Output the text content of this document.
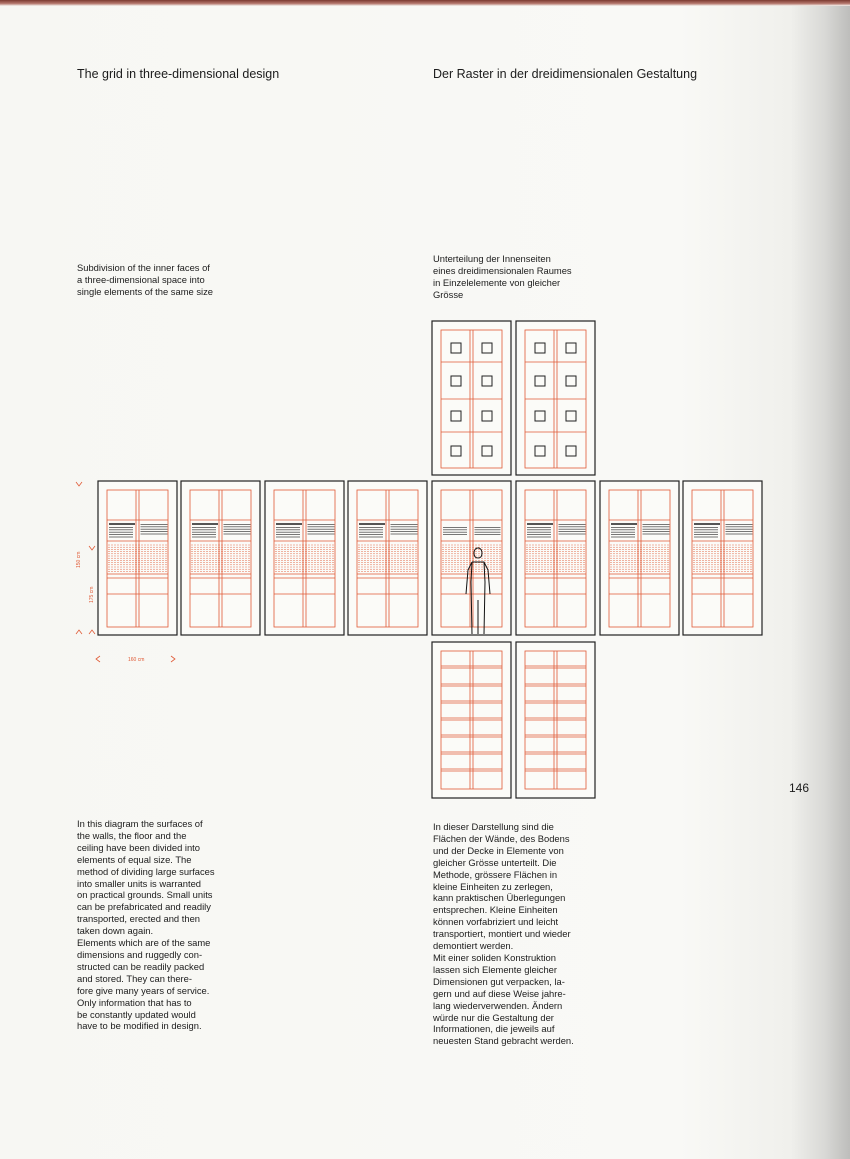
The grid in three-dimensional design	Der Raster in der dreidimensionalen Gestaltung
Subdivision of the inner faces of
a three-dimensional space into
single elements of the same size
Unterteilung der Innenseiten
eines dreidimensionalen Raumes
in Einzelelemente von gleicher
Grösse
150 cm
175 cm
160 cm
146
In this diagram the surfaces of
the walls, the floor and the
ceiling have been divided into
elements of equal size. The
method of dividing large surfaces
into smaller units is warranted
on practical grounds. Small units
can be prefabricated and readily
transported, erected and then
taken down again.
Elements which are of the same
dimensions and ruggedly con-
structed can be readily packed
and stored. They can there-
fore give many years of service.
Only information that has to
be constantly updated would
have to be modified in design.
In dieser Darstellung sind die
Flächen der Wände, des Bodens
und der Decke in Elemente von
gleicher Grösse unterteilt. Die
Methode, grössere Flächen in
kleine Einheiten zu zerlegen,
kann praktischen Überlegungen
entsprechen. Kleine Einheiten
können vorfabriziert und leicht
transportiert, montiert und wieder
demontiert werden.
Mit einer soliden Konstruktion
lassen sich Elemente gleicher
Dimensionen gut verpacken, la-
gern und auf diese Weise jahre-
lang wiederverwenden. Ändern
würde nur die Gestaltung der
Informationen, die jeweils auf
neuesten Stand gebracht werden.
